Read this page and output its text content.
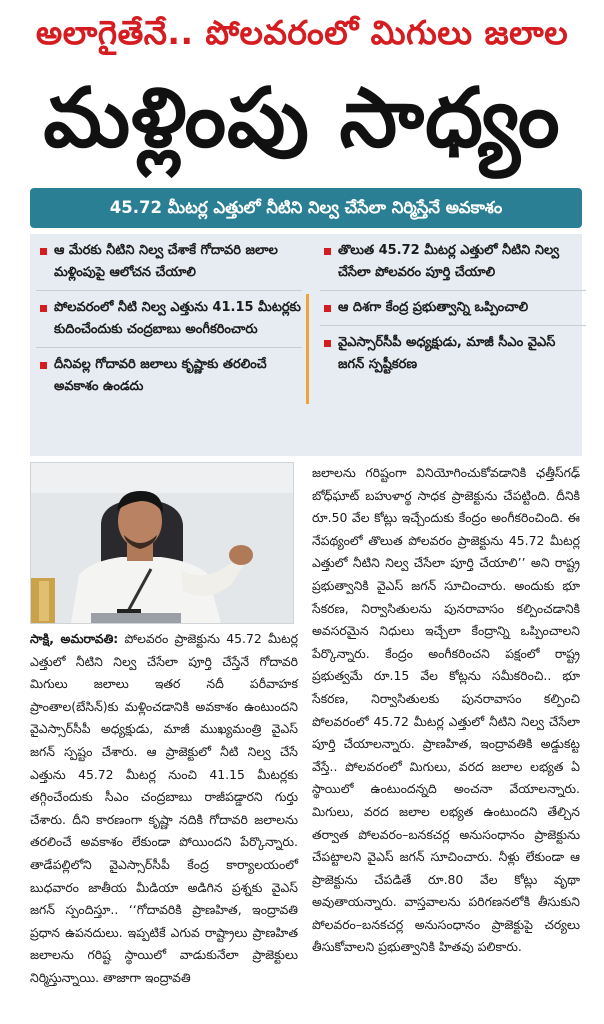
అలాగైతేనే.. పోలవరంలో మిగులు జలాల
మళ్లింపు సాధ్యం
45.72 మీటర్ల ఎత్తులో నీటిని నిల్వ చేసేలా నిర్మిస్తేనే అవకాశం
ఆ మేరకు నీటిని నిల్వ చేశాకే గోదావరి జలాల మళ్లింపుపై ఆలోచన చేయాలి
పోలవరంలో నీటి నిల్వ ఎత్తును 41.15 మీటర్లకు కుదించేందుకు చంద్రబాబు అంగీకరించారు
దీనివల్ల గోదావరి జలాలు కృష్ణాకు తరలించే అవకాశం ఉండదు
తొలుత 45.72 మీటర్ల ఎత్తులో నీటిని నిల్వ చేసేలా పోలవరం పూర్తి చేయాలి
ఆ దిశగా కేంద్ర ప్రభుత్వాన్ని ఒప్పించాలి
వైఎస్సార్‌సీపీ అధ్యక్షుడు, మాజీ సీఎం వైఎస్ జగన్ స్పష్టీకరణ

సాక్షి, అమరావతి: పోలవరం ప్రాజెక్టును 45.72 మీటర్ల ఎత్తులో నీటిని నిల్వ చేసేలా పూర్తి చేస్తేనే గోదావరి మిగులు జలాలు ఇతర నదీ పరీవాహక ప్రాంతాల(బేసిన్)కు మళ్లించడానికి అవకాశం ఉంటుందని వైఎస్సార్‌సీపీ అధ్యక్షుడు, మాజీ ముఖ్యమంత్రి వైఎస్ జగన్ స్పష్టం చేశారు. ఆ ప్రాజెక్టులో నీటి నిల్వ చేసే ఎత్తును 45.72 మీటర్ల నుంచి 41.15 మీటర్లకు తగ్గించేందుకు సీఎం చంద్రబాబు రాజీపడ్డారని గుర్తు చేశారు. దీని కారణంగా కృష్ణా నదికి గోదావరి జలాలను తరలించే అవకాశం లేకుండా పోయిందని పేర్కొన్నారు. తాడేపల్లిలోని వైఎస్సార్‌సీపీ కేంద్ర కార్యాలయంలో బుధవారం జాతీయ మీడియా అడిగిన ప్రశ్నకు వైఎస్ జగన్ స్పందిస్తూ.. ‘‘గోదావరికి ప్రాణహిత, ఇంద్రావతి ప్రధాన ఉపనదులు. ఇప్పటికే ఎగువ రాష్ట్రాలు ప్రాణహిత జలాలను గరిష్ట స్థాయిలో వాడుకునేలా ప్రాజెక్టులు నిర్మిస్తున్నాయి. తాజాగా ఇంద్రావతి

జలాలను గరిష్టంగా వినియోగించుకోవడానికి ఛత్తీస్‌గఢ్ బోధ్‌ఘాట్ బహుళార్థ సాధక ప్రాజెక్టును చేపట్టింది. దీనికి రూ.50 వేల కోట్లు ఇచ్చేందుకు కేంద్రం అంగీకరించింది. ఈ నేపథ్యంలో తొలుత పోలవరం ప్రాజెక్టును 45.72 మీటర్ల ఎత్తులో నీటిని నిల్వ చేసేలా పూర్తి చేయాలి’’ అని రాష్ట్ర ప్రభుత్వానికి వైఎస్ జగన్ సూచించారు. అందుకు భూ సేకరణ, నిర్వాసితులను పునరావాసం కల్పించడానికి అవసరమైన నిధులు ఇచ్చేలా కేంద్రాన్ని ఒప్పించాలని పేర్కొన్నారు. కేంద్రం అంగీకరించని పక్షంలో రాష్ట్ర ప్రభుత్వమే రూ.15 వేల కోట్లను సమీకరించి.. భూ సేకరణ, నిర్వాసితులకు పునరావాసం కల్పించి పోలవరంలో 45.72 మీటర్ల ఎత్తులో నీటిని నిల్వ చేసేలా పూర్తి చేయాలన్నారు. ప్రాణహిత, ఇంద్రావతికి అడ్డుకట్ట వేస్తే.. పోలవరంలో మిగులు, వరద జలాల లభ్యత ఏ స్థాయిలో ఉంటుందన్నది అంచనా వేయాలన్నారు. మిగులు, వరద జలాల లభ్యత ఉంటుందని తేల్చిన తర్వాత పోలవరం–బనకచర్ల అనుసంధానం ప్రాజెక్టును చేపట్టాలని వైఎస్ జగన్ సూచించారు. నీళ్లు లేకుండా ఆ ప్రాజెక్టును చేపడితే రూ.80 వేల కోట్లు వృథా అవుతాయన్నారు. వాస్తవాలను పరిగణనలోకి తీసుకుని పోలవరం–బనకచర్ల అనుసంధానం ప్రాజెక్టుపై చర్యలు తీసుకోవాలని ప్రభుత్వానికి హితవు పలికారు.
